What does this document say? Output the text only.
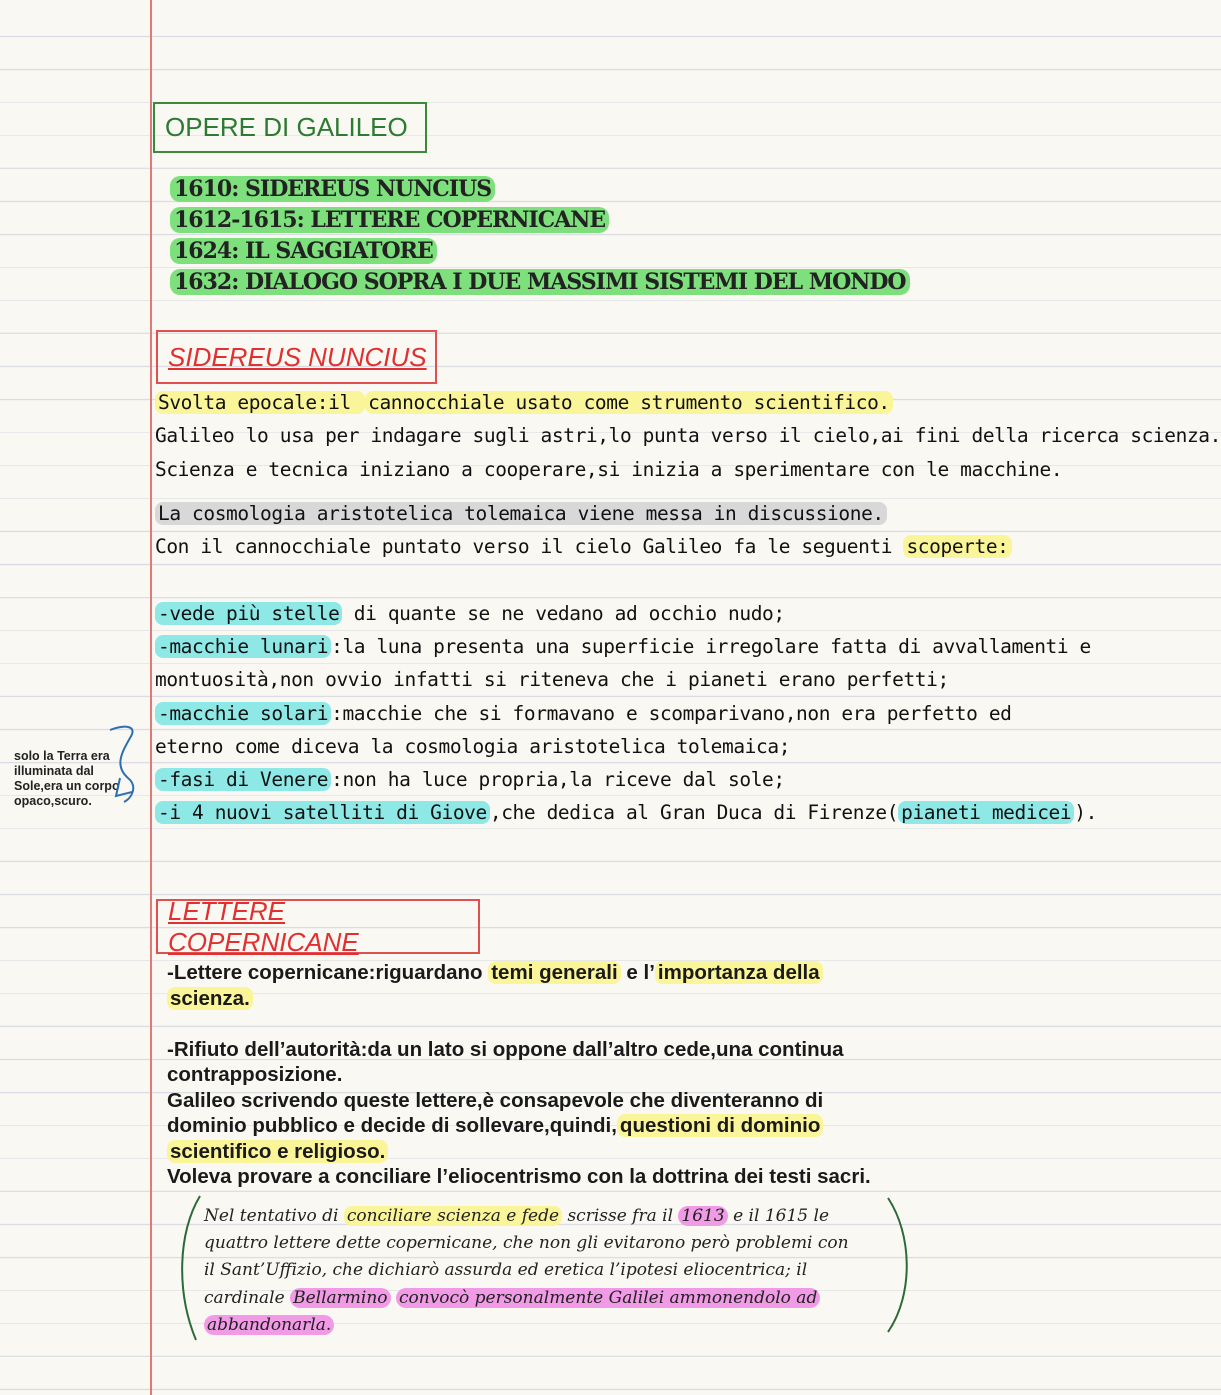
OPERE DI GALILEO
1610: SIDEREUS NUNCIUS
1612-1615: LETTERE COPERNICANE
1624: IL SAGGIATORE
1632: DIALOGO SOPRA I DUE MASSIMI SISTEMI DEL MONDO
SIDEREUS NUNCIUS
Svolta epocale:il cannocchiale usato come strumento scientifico.
Galileo lo usa per indagare sugli astri,lo punta verso il cielo,ai fini della ricerca scienza.
Scienza e tecnica iniziano a cooperare,si inizia a sperimentare con le macchine.
La cosmologia aristotelica tolemaica viene messa in discussione.
Con il cannocchiale puntato verso il cielo Galileo fa le seguenti scoperte:
-vede più stelle di quante se ne vedano ad occhio nudo;
-macchie lunari :la luna presenta una superficie irregolare fatta di avvallamenti e
montuosità,non ovvio infatti si riteneva che i pianeti erano perfetti;
-macchie solari :macchie che si formavano e scomparivano,non era perfetto ed
eterno come diceva la cosmologia aristotelica tolemaica;
-fasi di Venere :non ha luce propria,la riceve dal sole;
-i 4 nuovi satelliti di Giove ,che dedica al Gran Duca di Firenze( pianeti medicei ).
solo la Terra era illuminata dal Sole,era un corpo opaco,scuro.
LETTERE COPERNICANE
-Lettere copernicane:riguardano temi generali e l’ importanza della
scienza.
-Rifiuto dell’autorità:da un lato si oppone dall’altro cede,una continua
contrapposizione.
Galileo scrivendo queste lettere,è consapevole che diventeranno di
dominio pubblico e decide di sollevare,quindi, questioni di dominio
scientifico e religioso.
Voleva provare a conciliare l’eliocentrismo con la dottrina dei testi sacri.
Nel tentativo di conciliare scienza e fede scrisse fra il 1613 e il 1615 le
quattro lettere dette copernicane, che non gli evitarono però problemi con
il Sant’Uffizio, che dichiarò assurda ed eretica l’ipotesi eliocentrica; il
cardinale Bellarmino convocò personalmente Galilei ammonendolo ad
abbandonarla.
